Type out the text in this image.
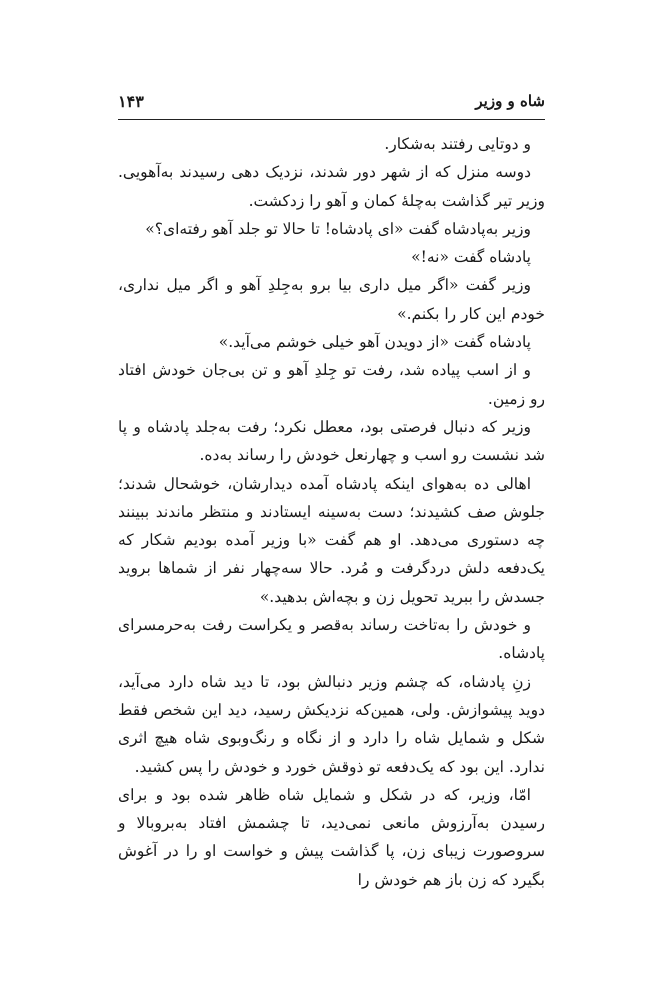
شاه و وزیر
۱۴۳

و دوتایی رفتند به‌شکار.

دوسه منزل که از شهر دور شدند، نزدیک دهی رسیدند به‌آهویی. وزیر تیر گذاشت به‌چلهٔ کمان و آهو را زدکشت.

وزیر به‌پادشاه گفت «ای پادشاه! تا حالا تو جلد آهو رفته‌ای؟»

پادشاه گفت «نه!»

وزیر گفت «اگر میل داری بیا برو به‌جِلدِ آهو و اگر میل نداری، خودم این کار را بکنم.»

پادشاه گفت «از دویدن آهو خیلی خوشم می‌آید.»

و از اسب پیاده شد، رفت تو جِلدِ آهو و تن بی‌جان خودش افتاد رو زمین.

وزیر که دنبال فرصتی بود، معطل نکرد؛ رفت به‌جلد پادشاه و پا شد نشست رو اسب و چهارنعل خودش را رساند به‌ده.

اهالی ده به‌هوای اینکه پادشاه آمده دیدارشان، خوشحال شدند؛ جلوش صف کشیدند؛ دست به‌سینه ایستادند و منتظر ماندند ببینند چه دستوری می‌دهد. او هم گفت «با وزیر آمده بودیم شکار که یک‌دفعه دلش دردگرفت و مُرد. حالا سه‌چهار نفر از شماها بروید جسدش را ببرید تحویل زن و بچه‌اش بدهید.»

و خودش را به‌تاخت رساند به‌قصر و یکراست رفت به‌حرمسرای پادشاه.

زنِ پادشاه، که چشم وزیر دنبالش بود، تا دید شاه دارد می‌آید، دوید پیشوازش. ولی، همین‌که نزدیکش رسید، دید این شخص فقط شکل و شمایل شاه را دارد و از نگاه و رنگ‌وبوی شاه هیچ اثری ندارد. این بود که یک‌دفعه تو ذوقش خورد و خودش را پس کشید.

امّا، وزیر، که در شکل و شمایل شاه ظاهر شده بود و برای رسیدن به‌آرزوش مانعی نمی‌دید، تا چشمش افتاد به‌بروبالا و سروصورت زیبای زن، پا گذاشت پیش و خواست او را در آغوش بگیرد که زن باز هم خودش را
